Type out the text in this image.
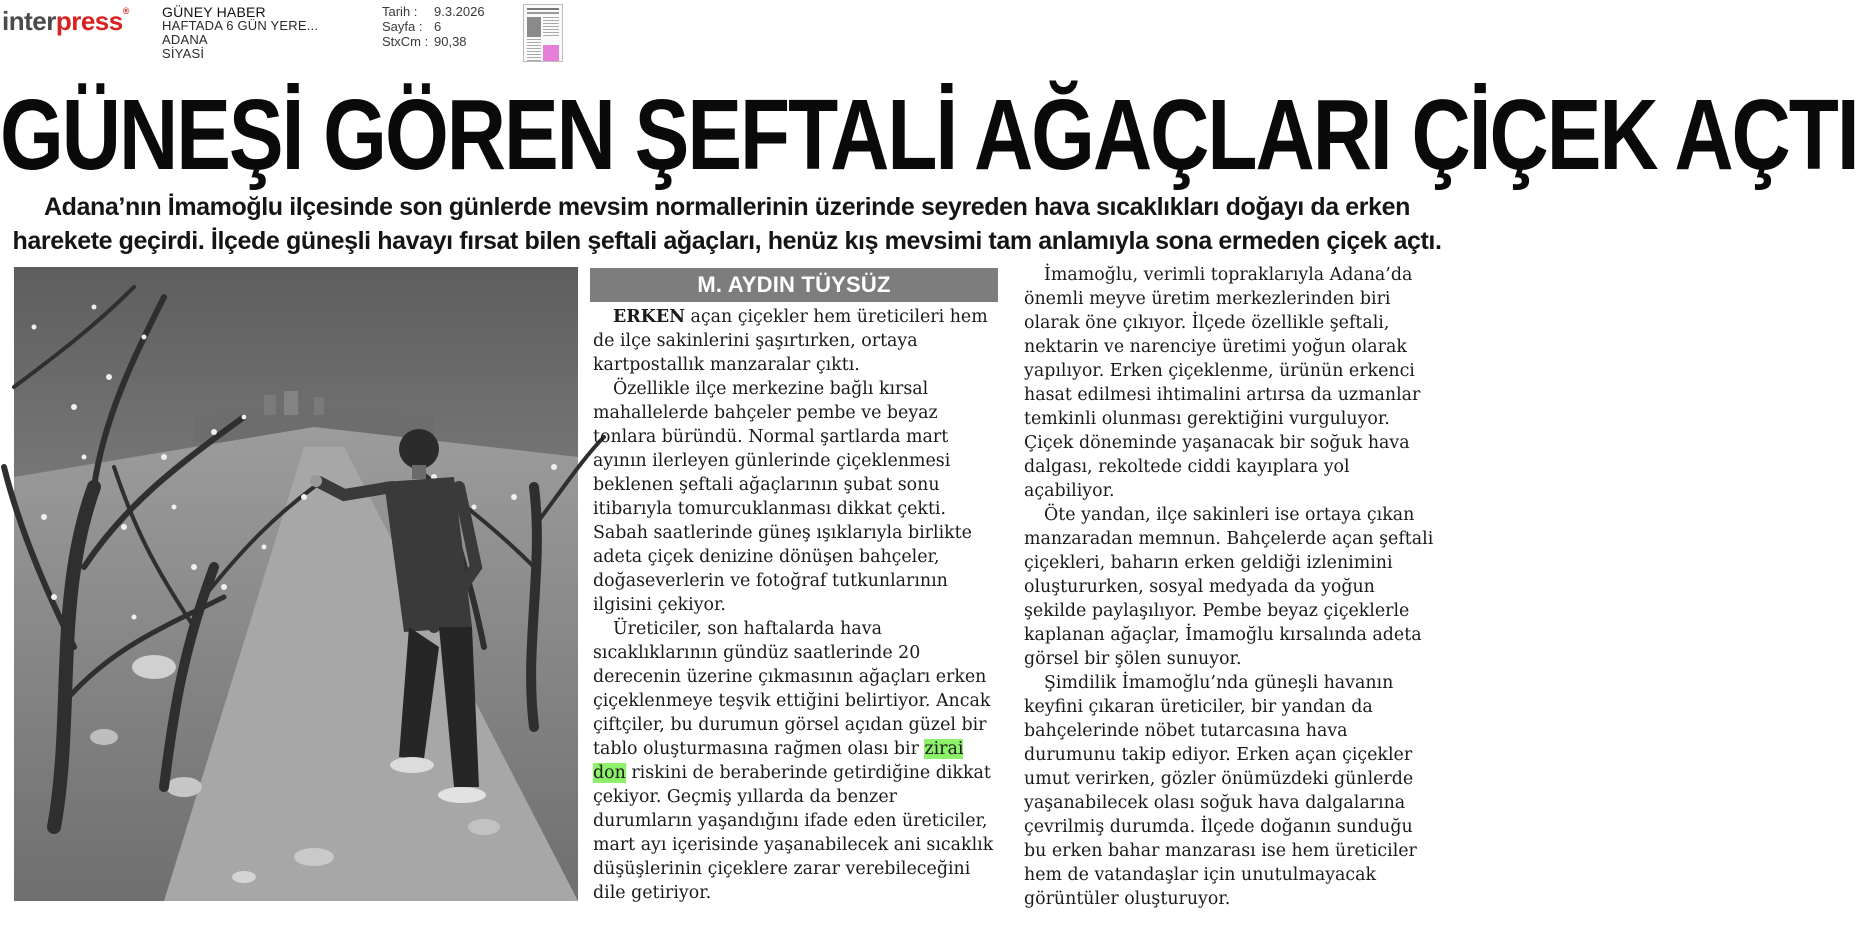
interpress® GÜNEY HABER
HAFTADA 6 GÜN YERE...
ADANA
SİYASİ
Tarih :	9.3.2026
Sayfa : 6
StxCm : 90,38
GÜNEŞİ GÖREN ŞEFTALİ AĞAÇLARI ÇİÇEK AÇTI
Adana’nın İmamoğlu ilçesinde son günlerde mevsim normallerinin üzerinde seyreden hava sıcaklıkları doğayı da erken
harekete geçirdi. İlçede güneşli havayı fırsat bilen şeftali ağaçları, henüz kış mevsimi tam anlamıyla sona ermeden çiçek açtı.
M. AYDIN TÜYSÜZ

ERKEN açan çiçekler hem üreticileri hem de ilçe sakinlerini şaşırtırken, ortaya kartpostallık manzaralar çıktı.

Özellikle ilçe merkezine bağlı kırsal mahallelerde bahçeler pembe ve beyaz tonlara büründü. Normal şartlarda mart ayının ilerleyen günlerinde çiçeklenmesi beklenen şeftali ağaçlarının şubat sonu itibarıyla tomurcuklanması dikkat çekti. Sabah saatlerinde güneş ışıklarıyla birlikte adeta çiçek denizine dönüşen bahçeler, doğaseverlerin ve fotoğraf tutkunlarının ilgisini çekiyor.

Üreticiler, son haftalarda hava sıcaklıklarının gündüz saatlerinde 20 derecenin üzerine çıkmasının ağaçları erken çiçeklenmeye teşvik ettiğini belirtiyor. Ancak çiftçiler, bu durumun görsel açıdan güzel bir tablo oluşturmasına rağmen olası bir zirai don riskini de beraberinde getirdiğine dikkat çekiyor. Geçmiş yıllarda da benzer durumların yaşandığını ifade eden üreticiler, mart ayı içerisinde yaşanabilecek ani sıcaklık düşüşlerinin çiçeklere zarar verebileceğini dile getiriyor.

İmamoğlu, verimli topraklarıyla Adana’da önemli meyve üretim merkezlerinden biri olarak öne çıkıyor. İlçede özellikle şeftali, nektarin ve narenciye üretimi yoğun olarak yapılıyor. Erken çiçeklenme, ürünün erkenci hasat edilmesi ihtimalini artırsa da uzmanlar temkinli olunması gerektiğini vurguluyor. Çiçek döneminde yaşanacak bir soğuk hava dalgası, rekoltede ciddi kayıplara yol açabiliyor.

Öte yandan, ilçe sakinleri ise ortaya çıkan manzaradan memnun. Bahçelerde açan şeftali çiçekleri, baharın erken geldiği izlenimini oluştururken, sosyal medyada da yoğun şekilde paylaşılıyor. Pembe beyaz çiçeklerle kaplanan ağaçlar, İmamoğlu kırsalında adeta görsel bir şölen sunuyor.

Şimdilik İmamoğlu’nda güneşli havanın keyfini çıkaran üreticiler, bir yandan da bahçelerinde nöbet tutarcasına hava durumunu takip ediyor. Erken açan çiçekler umut verirken, gözler önümüzdeki günlerde yaşanabilecek olası soğuk hava dalgalarına çevrilmiş durumda. İlçede doğanın sunduğu bu erken bahar manzarası ise hem üreticiler hem de vatandaşlar için unutulmayacak görüntüler oluşturuyor.
